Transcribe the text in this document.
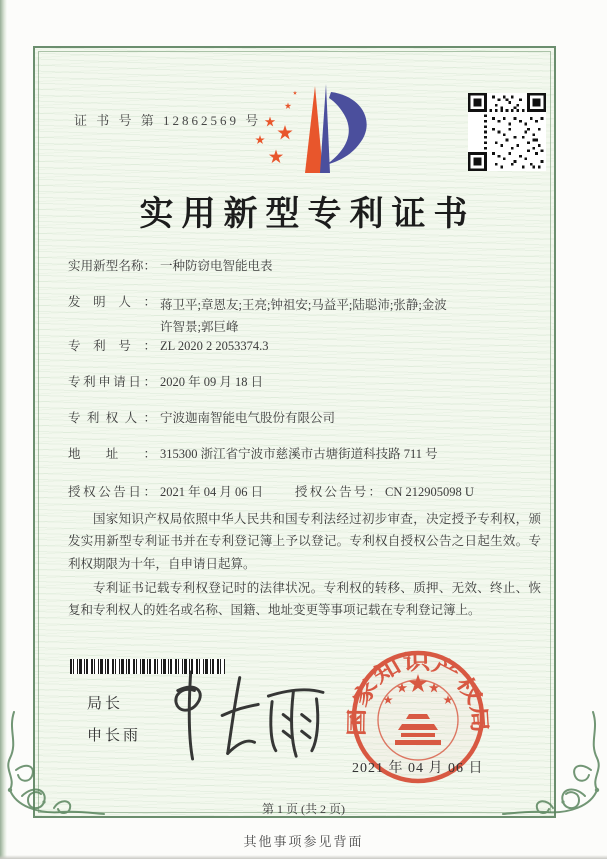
证 书 号 第 12862569 号
实用新型专利证书
实用新型名称： 一种防窃电智能电表
发明人： 蒋卫平;章恩友;王亮;钟祖安;马益平;陆聪沛;张静;金波
许智景;郭巨峰
专利号： ZL 2020 2 2053374.3
专利申请日： 2020 年 09 月 18 日
专利权人： 宁波迦南智能电气股份有限公司
地址： 315300 浙江省宁波市慈溪市古塘街道科技路 711 号
授权公告日： 2021 年 04 月 06 日	授权公告号： CN 212905098 U

国家知识产权局依照中华人民共和国专利法经过初步审查，决定授予专利权，颁发实用新型专利证书并在专利登记簿上予以登记。专利权自授权公告之日起生效。专利权期限为十年，自申请日起算。

专利证书记载专利权登记时的法律状况。专利权的转移、质押、无效、终止、恢复和专利权人的姓名或名称、国籍、地址变更等事项记载在专利登记簿上。

局长
申长雨	国家知识产权局
2021 年 04 月 06 日
第 1 页 (共 2 页)
其他事项参见背面
